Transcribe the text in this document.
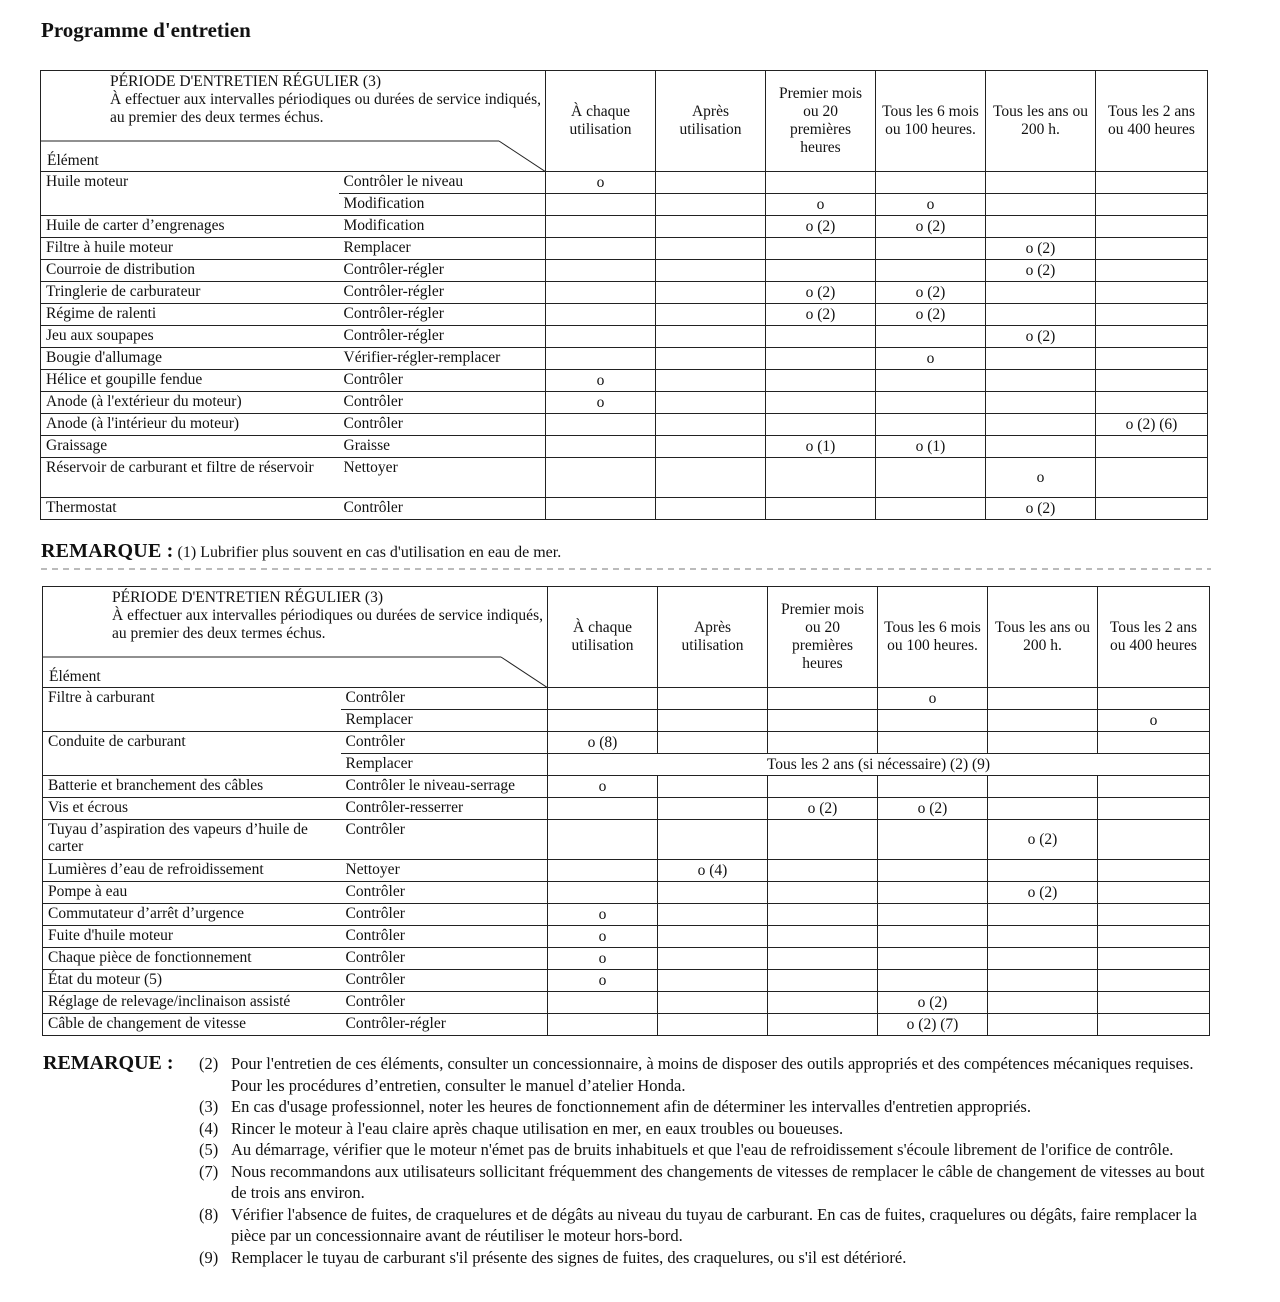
Programme d'entretien
PÉRIODE D'ENTRETIEN RÉGULIER (3)
À effectuer aux intervalles périodiques ou durées de service indiqués, au premier des deux termes échus.
Élément		À chaque utilisation	Après utilisation	Premier mois ou 20 premières heures	Tous les 6 mois ou 100 heures.	Tous les ans ou 200 h.	Tous les 2 ans ou 400 heures
Huile moteur	Contrôler le niveau	o					
	Modification			o	o		
Huile de carter d’engrenages	Modification			o (2)	o (2)		
Filtre à huile moteur	Remplacer					o (2)	
Courroie de distribution	Contrôler-régler					o (2)	
Tringlerie de carburateur	Contrôler-régler			o (2)	o (2)		
Régime de ralenti	Contrôler-régler			o (2)	o (2)		
Jeu aux soupapes	Contrôler-régler					o (2)	
Bougie d'allumage	Vérifier-régler-remplacer				o		
Hélice et goupille fendue	Contrôler	o					
Anode (à l'extérieur du moteur)	Contrôler	o					
Anode (à l'intérieur du moteur)	Contrôler						o (2) (6)
Graissage	Graisse			o (1)	o (1)		
Réservoir de carburant et filtre de réservoir	Nettoyer					o	
Thermostat	Contrôler					o (2)	
REMARQUE : (1) Lubrifier plus souvent en cas d'utilisation en eau de mer.
PÉRIODE D'ENTRETIEN RÉGULIER (3)
À effectuer aux intervalles périodiques ou durées de service indiqués, au premier des deux termes échus.
Élément		À chaque utilisation	Après utilisation	Premier mois ou 20 premières heures	Tous les 6 mois ou 100 heures.	Tous les ans ou 200 h.	Tous les 2 ans ou 400 heures
Filtre à carburant	Contrôler				o		
	Remplacer						o
Conduite de carburant	Contrôler	o (8)					
	Remplacer	Tous les 2 ans (si nécessaire) (2) (9)					
Batterie et branchement des câbles	Contrôler le niveau-serrage	o					
Vis et écrous	Contrôler-resserrer			o (2)	o (2)		
Tuyau d’aspiration des vapeurs d’huile de carter	Contrôler					o (2)	
Lumières d’eau de refroidissement	Nettoyer		o (4)				
Pompe à eau	Contrôler					o (2)	
Commutateur d’arrêt d’urgence	Contrôler	o					
Fuite d'huile moteur	Contrôler	o					
Chaque pièce de fonctionnement	Contrôler	o					
État du moteur (5)	Contrôler	o					
Réglage de relevage/inclinaison assisté	Contrôler				o (2)		
Câble de changement de vitesse	Contrôler-régler				o (2) (7)		
REMARQUE :	(2) Pour l'entretien de ces éléments, consulter un concessionnaire, à moins de disposer des outils appropriés et des compétences mécaniques requises. Pour les procédures d’entretien, consulter le manuel d’atelier Honda.
(3) En cas d'usage professionnel, noter les heures de fonctionnement afin de déterminer les intervalles d'entretien appropriés.
(4) Rincer le moteur à l'eau claire après chaque utilisation en mer, en eaux troubles ou boueuses.
(5) Au démarrage, vérifier que le moteur n'émet pas de bruits inhabituels et que l'eau de refroidissement s'écoule librement de l'orifice de contrôle.
(7) Nous recommandons aux utilisateurs sollicitant fréquemment des changements de vitesses de remplacer le câble de changement de vitesses au bout de trois ans environ.
(8) Vérifier l'absence de fuites, de craquelures et de dégâts au niveau du tuyau de carburant. En cas de fuites, craquelures ou dégâts, faire remplacer la pièce par un concessionnaire avant de réutiliser le moteur hors-bord.
(9) Remplacer le tuyau de carburant s'il présente des signes de fuites, des craquelures, ou s'il est détérioré.
